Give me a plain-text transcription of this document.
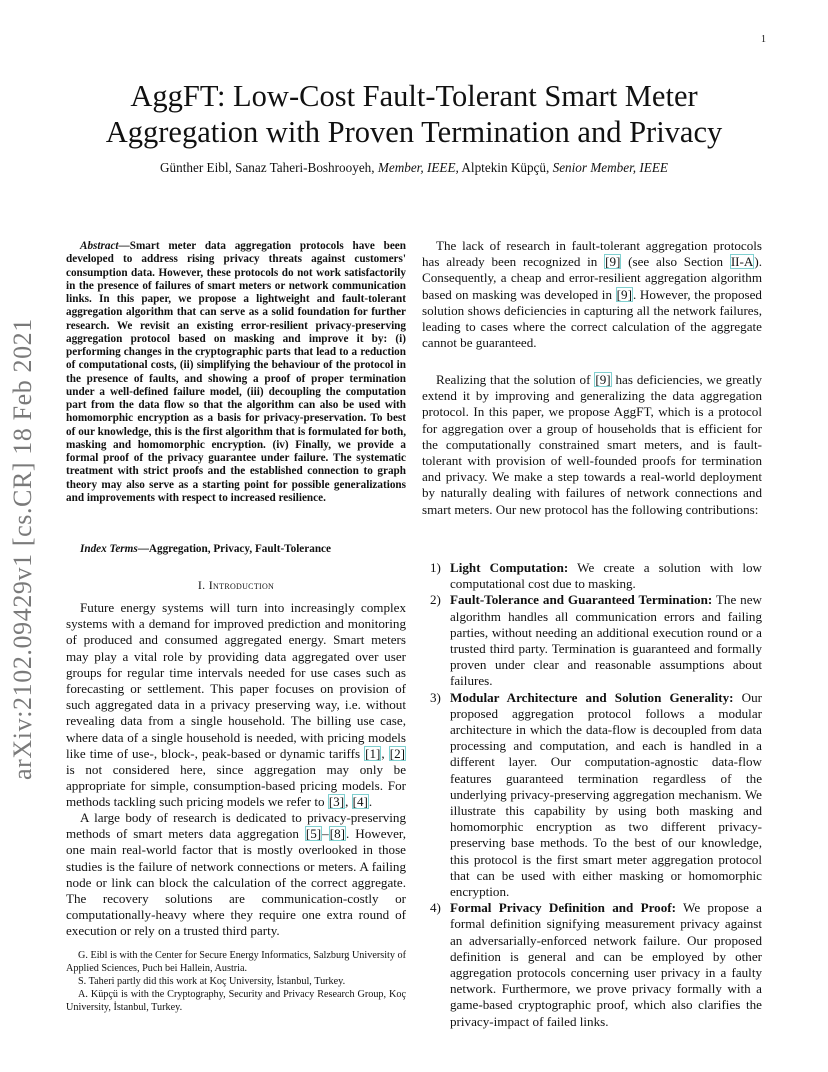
1
arXiv:2102.09429v1 [cs.CR] 18 Feb 2021
AggFT: Low-Cost Fault-Tolerant Smart Meter
Aggregation with Proven Termination and Privacy
Günther Eibl, Sanaz Taheri-Boshrooyeh, Member, IEEE, Alptekin Küpçü, Senior Member, IEEE

Abstract—Smart meter data aggregation protocols have been developed to address rising privacy threats against customers' consumption data. However, these protocols do not work satisfactorily in the presence of failures of smart meters or network communication links. In this paper, we propose a lightweight and fault-tolerant aggregation algorithm that can serve as a solid foundation for further research. We revisit an existing error-resilient privacy-preserving aggregation protocol based on masking and improve it by: (i) performing changes in the cryptographic parts that lead to a reduction of computational costs, (ii) simplifying the behaviour of the protocol in the presence of faults, and showing a proof of proper termination under a well-defined failure model, (iii) decoupling the computation part from the data flow so that the algorithm can also be used with homomorphic encryption as a basis for privacy-preservation. To best of our knowledge, this is the first algorithm that is formulated for both, masking and homomorphic encryption. (iv) Finally, we provide a formal proof of the privacy guarantee under failure. The systematic treatment with strict proofs and the established connection to graph theory may also serve as a starting point for possible generalizations and improvements with respect to increased resilience.

Index Terms—Aggregation, Privacy, Fault-Tolerance

I. Introduction

Future energy systems will turn into increasingly complex systems with a demand for improved prediction and monitoring of produced and consumed aggregated energy. Smart meters may play a vital role by providing data aggregated over user groups for regular time intervals needed for use cases such as forecasting or settlement. This paper focuses on provision of such aggregated data in a privacy preserving way, i.e. without revealing data from a single household. The billing use case, where data of a single household is needed, with pricing models like time of use-, block-, peak-based or dynamic tariffs [1], [2] is not considered here, since aggregation may only be appropriate for simple, consumption-based pricing models. For methods tackling such pricing models we refer to [3], [4].

A large body of research is dedicated to privacy-preserving methods of smart meters data aggregation [5]–[8]. However, one main real-world factor that is mostly overlooked in those studies is the failure of network connections or meters. A failing node or link can block the calculation of the correct aggregate. The recovery solutions are communication-costly or computationally-heavy where they require one extra round of execution or rely on a trusted third party.

G. Eibl is with the Center for Secure Energy Informatics, Salzburg University of Applied Sciences, Puch bei Hallein, Austria.
S. Taheri partly did this work at Koç University, İstanbul, Turkey.
A. Küpçü is with the Cryptography, Security and Privacy Research Group, Koç University, İstanbul, Turkey.

The lack of research in fault-tolerant aggregation protocols has already been recognized in [9] (see also Section II-A). Consequently, a cheap and error-resilient aggregation algorithm based on masking was developed in [9]. However, the proposed solution shows deficiencies in capturing all the network failures, leading to cases where the correct calculation of the aggregate cannot be guaranteed.

Realizing that the solution of [9] has deficiencies, we greatly extend it by improving and generalizing the data aggregation protocol. In this paper, we propose AggFT, which is a protocol for aggregation over a group of households that is efficient for the computationally constrained smart meters, and is fault-tolerant with provision of well-founded proofs for termination and privacy. We make a step towards a real-world deployment by naturally dealing with failures of network connections and smart meters. Our new protocol has the following contributions:

1) Light Computation: We create a solution with low computational cost due to masking.

2) Fault-Tolerance and Guaranteed Termination: The new algorithm handles all communication errors and failing parties, without needing an additional execution round or a trusted third party. Termination is guaranteed and formally proven under clear and reasonable assumptions about failures.

3) Modular Architecture and Solution Generality: Our proposed aggregation protocol follows a modular architecture in which the data-flow is decoupled from data processing and computation, and each is handled in a different layer. Our computation-agnostic data-flow features guaranteed termination regardless of the underlying privacy-preserving aggregation mechanism. We illustrate this capability by using both masking and homomorphic encryption as two different privacy-preserving base methods. To the best of our knowledge, this protocol is the first smart meter aggregation protocol that can be used with either masking or homomorphic encryption.

4) Formal Privacy Definition and Proof: We propose a formal definition signifying measurement privacy against an adversarially-enforced network failure. Our proposed definition is general and can be employed by other aggregation protocols concerning user privacy in a faulty network. Furthermore, we prove privacy formally with a game-based cryptographic proof, which also clarifies the privacy-impact of failed links.
